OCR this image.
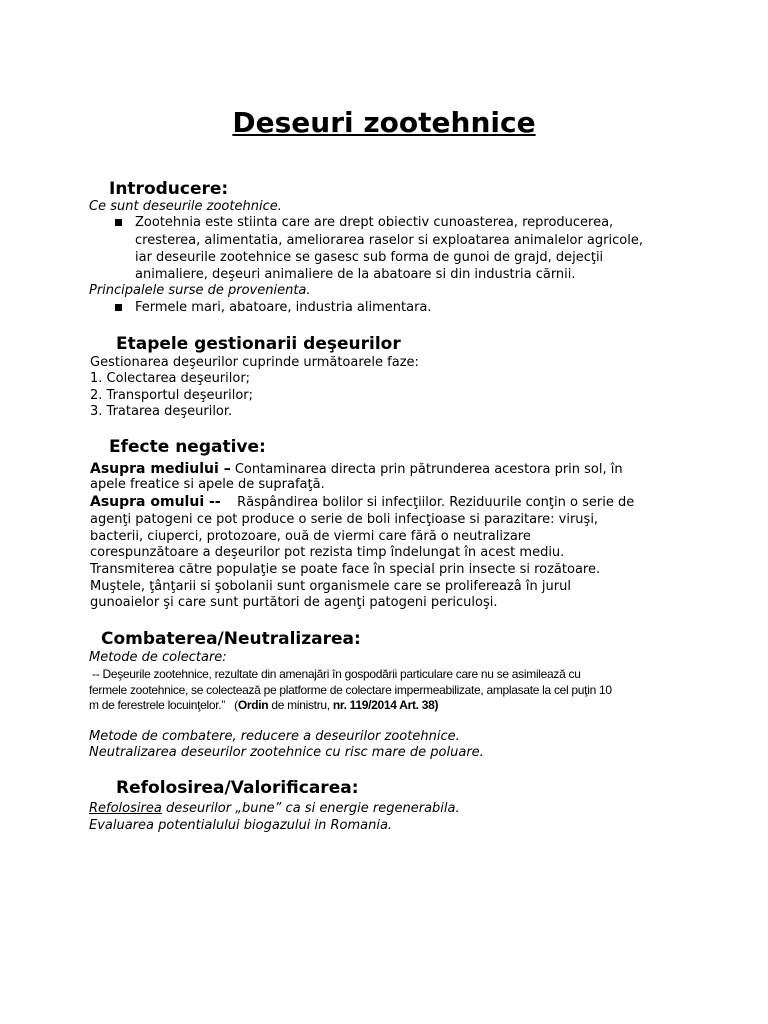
Deseuri zootehnice
Introducere:
Ce sunt deseurile zootehnice.
Zootehnia este stiinta care are drept obiectiv cunoasterea, reproducerea,
cresterea, alimentatia, ameliorarea raselor si exploatarea animalelor agricole,
iar deseurile zootehnice se gasesc sub forma de gunoi de grajd, dejecţii
animaliere, deşeuri animaliere de la abatoare si din industria cărnii.
Principalele surse de provenienta.
Fermele mari, abatoare, industria alimentara.
Etapele gestionarii deşeurilor
Gestionarea deşeurilor cuprinde următoarele faze:
1. Colectarea deşeurilor;
2. Transportul deşeurilor;
3. Tratarea deşeurilor.
Efecte negative:
Asupra mediului – Contaminarea directa prin pătrunderea acestora prin sol, în
apele freatice si apele de suprafaţă.
Asupra omului --    Răspândirea bolilor si infecţiilor. Reziduurile conţin o serie de
agenţi patogeni ce pot produce o serie de boli infecţioase si parazitare: viruşi,
bacterii, ciuperci, protozoare, ouă de viermi care fără o neutralizare
corespunzătoare a deşeurilor pot rezista timp îndelungat în acest mediu.
Transmiterea către populaţie se poate face în special prin insecte si rozătoare.
Muştele, ţânţarii si şobolanii sunt organismele care se prolifereazâ în jurul
gunoaielor şi care sunt purtători de agenţi patogeni periculoşi.
Combaterea/Neutralizarea:
Metode de colectare:
-- Deşeurile zootehnice, rezultate din amenajări în gospodării particulare care nu se asimilează cu
fermele zootehnice, se colectează pe platforme de colectare impermeabilizate, amplasate la cel puţin 10
m de ferestrele locuinţelor.”   (Ordin de ministru, nr. 119/2014 Art. 38)
Metode de combatere, reducere a deseurilor zootehnice.
Neutralizarea deseurilor zootehnice cu risc mare de poluare.
Refolosirea/Valorificarea:
Refolosirea deseurilor „bune” ca si energie regenerabila.
Evaluarea potentialului biogazului in Romania.
